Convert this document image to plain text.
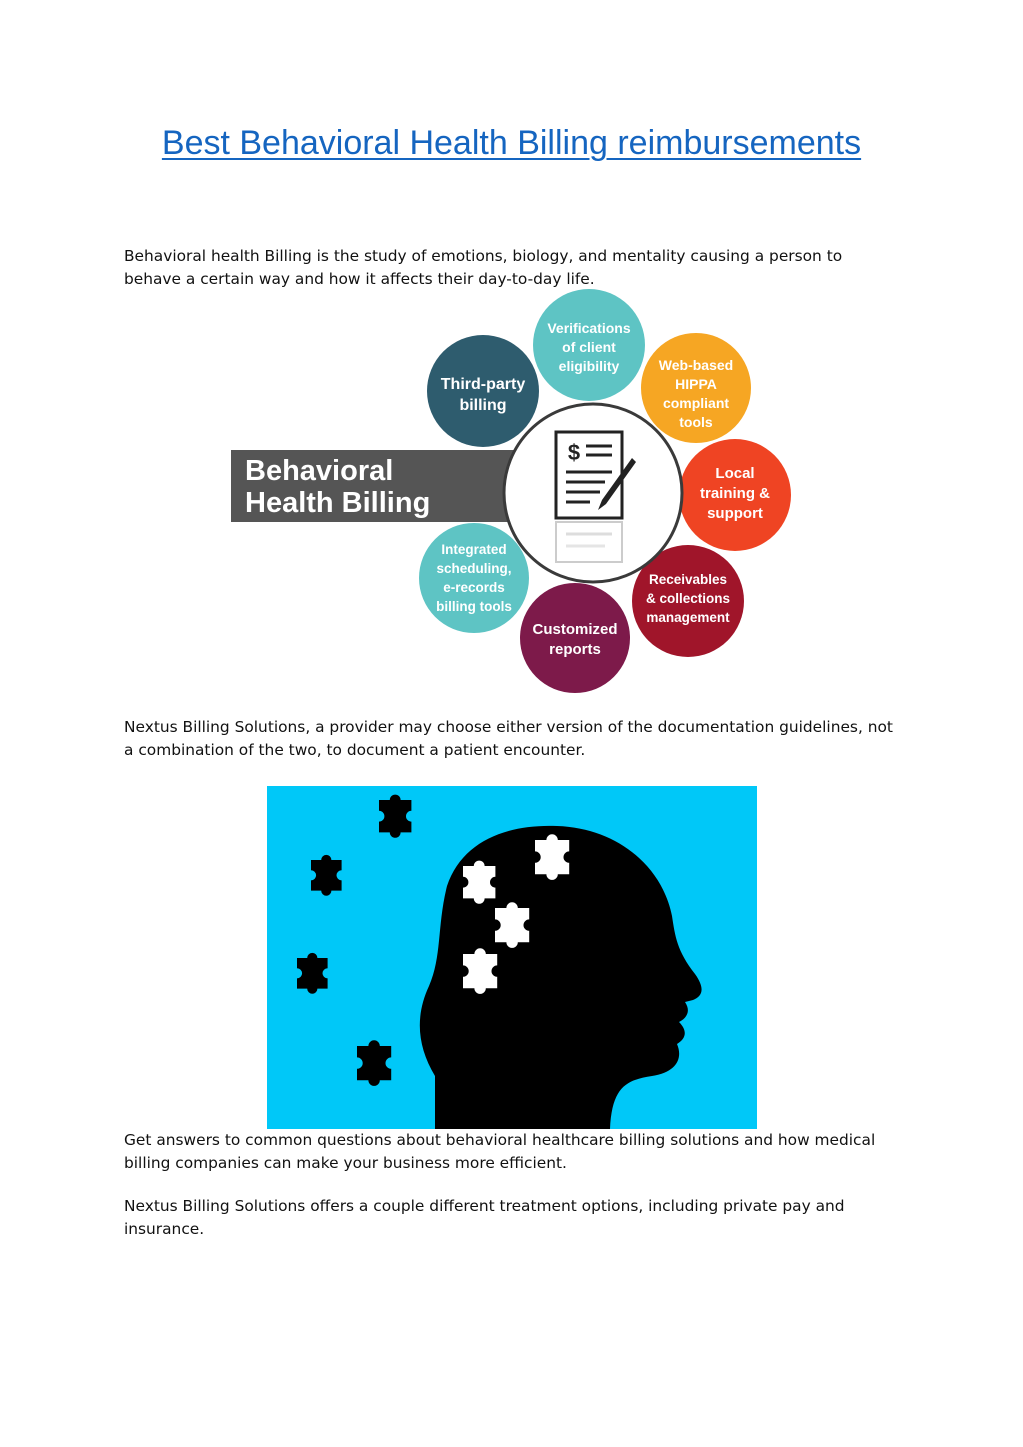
Best Behavioral Health Billing reimbursements

Behavioral health Billing is the study of emotions, biology, and mentality causing a person to behave a certain way and how it affects their day-to-day life.

Behavioral
Health Billing
Verifications of client eligibility	Web-based HIPPA compliant tools
Local training & support
Receivables & collections management
Customized reports
Integrated scheduling, e-records billing tools
Third-party billing
$

Nextus Billing Solutions, a provider may choose either version of the documentation guidelines, not a combination of the two, to document a patient encounter.

Get answers to common questions about behavioral healthcare billing solutions and how medical billing companies can make your business more efficient.

Nextus Billing Solutions offers a couple different treatment options, including private pay and insurance.
